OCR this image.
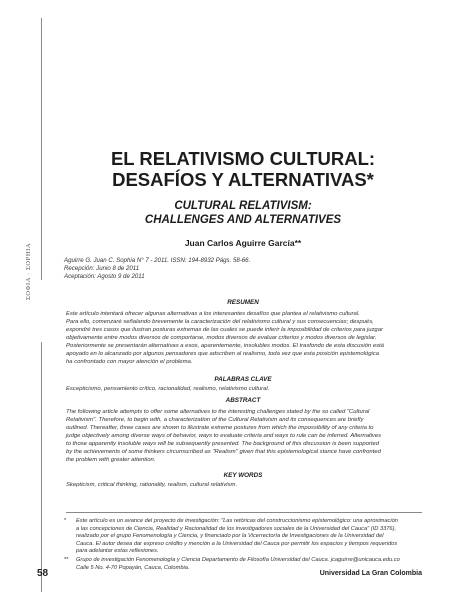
ΣOΦIA · ΣOPHIA
EL RELATIVISMO CULTURAL:
DESAFÍOS Y ALTERNATIVAS*
CULTURAL RELATIVISM:
CHALLENGES AND ALTERNATIVES
Juan Carlos Aguirre García**
Aguirre G. Juan C. Sophia N° 7 - 2011. ISSN: 194-8932 Págs. 58-66.
Recepción: Junio 8 de 2011
Aceptación: Agosto 9 de 2011
RESUMEN
Este artículo intentará ofrecer algunas alternativas a los interesantes desafíos que plantea el relativismo cultural.
Para ello, comenzaré señalando brevemente la caracterización del relativismo cultural y sus consecuencias; después,
expondré tres casos que ilustran posturas extremas de las cuales se puede inferir la imposibilidad de criterios para juzgar
objetivamente entre modos diversos de comportarse, modos diversos de evaluar criterios y modos diversos de legislar.
Posteriormente se presentarán alternativas a esos, aparentemente, insolubles modos. El trasfondo de esta discusión está
apoyado en lo alcanzado por algunos pensadores que adscriben al realismo, toda vez que esta posición epistemológica
ha confrontado con mayor atención el problema.
PALABRAS CLAVE
Escepticismo, pensamiento crítico, racionalidad, realismo, relativismo cultural.
ABSTRACT
The following article attempts to offer some alternatives to the interesting challenges stated by the so called "Cultural
Relativism". Therefore, to begin with, a characterization of the Cultural Relativism and its consequences are briefly
outlined. Thereafter, three cases are shown to illustrate extreme postures from which the impossibility of any criteria to
judge objectively among diverse ways of behavior, ways to evaluate criteria and ways to rule can be inferred. Alternatives
to those apparently insoluble ways will be subsequently presented. The background of this discussion is been supported
by the achievements of some thinkers circumscribed as "Realism" given that this epistemological stance have confronted
the problem with greater attention.
KEY WORDS
Skepticism, critical thinking, rationality, realism, cultural relativism.
* Este artículo es un avance del proyecto de investigación: "Las retóricas del construccionismo epistemológico: una aproximación
a las concepciones de Ciencia, Realidad y Racionalidad de los investigadores sociales de la Universidad del Cauca" (ID 3376),
realizado por el grupo Fenomenología y Ciencia, y financiado por la Vicerrectoría de Investigaciones de la Universidad del
Cauca. El autor desea dar expreso crédito y mención a la Universidad del Cauca por permitir los espacios y tiempos requeridos
para adelantar estas reflexiones.
** Grupo de investigación Fenomenología y Ciencia Departamento de Filosofía Universidad del Cauca. jcaguirre@unicauca.edu.co
Calle 5 No. 4-70 Popayán, Cauca, Colombia.
58	Universidad La Gran Colombia
